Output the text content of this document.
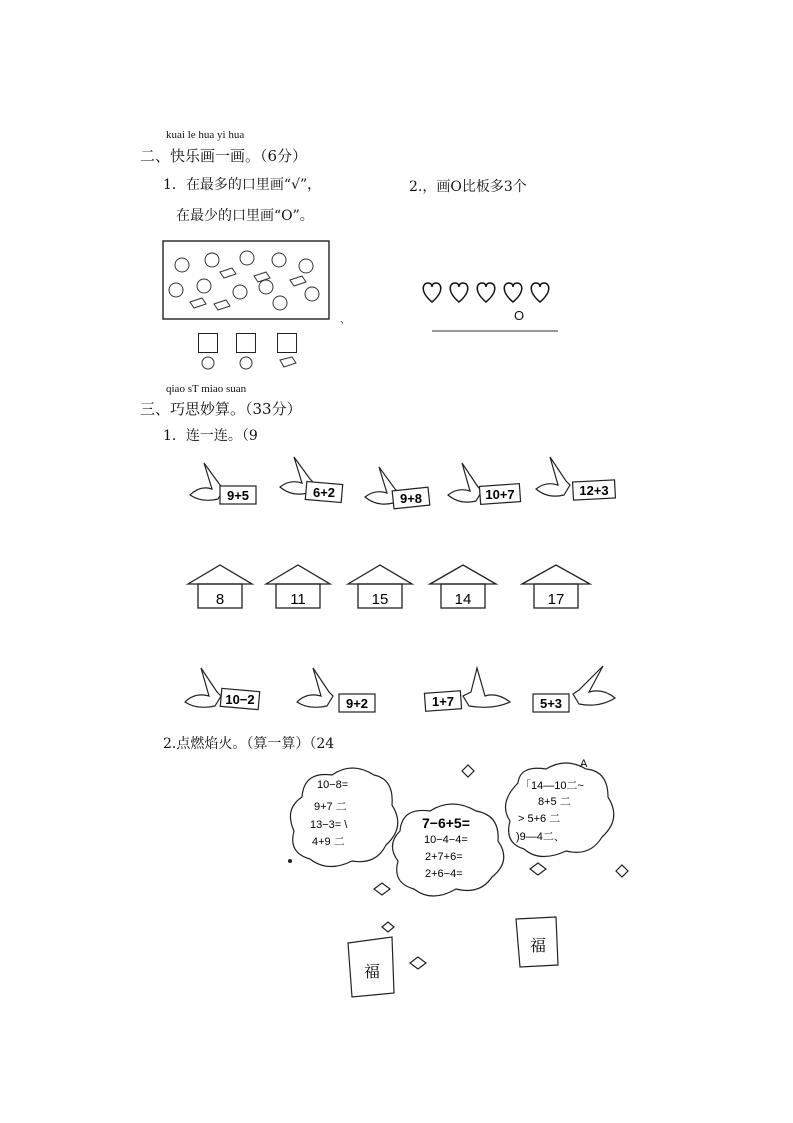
kuai le hua yi hua
二、快乐画一画。（6分）
1．在最多的口里画“√”，
在最少的口里画“O”。
2.，画O比板多3个
、	O
qiao sT miao suan
三、巧思妙算。（33分）
1．连一连。（9
9+5	6+2	9+8	10+7	12+3
8	11	15	14	17
10−2	9+2	1+7	5+3
2.点燃焰火。（算一算）（24
10−8=
9+7 二
13−3= \
4+9 二
7−6+5=
10−4−4=
2+7+6=
2+6−4=
A
「14—10二~
8+5 二
> 5+6 二
)9—4二、
福
福
